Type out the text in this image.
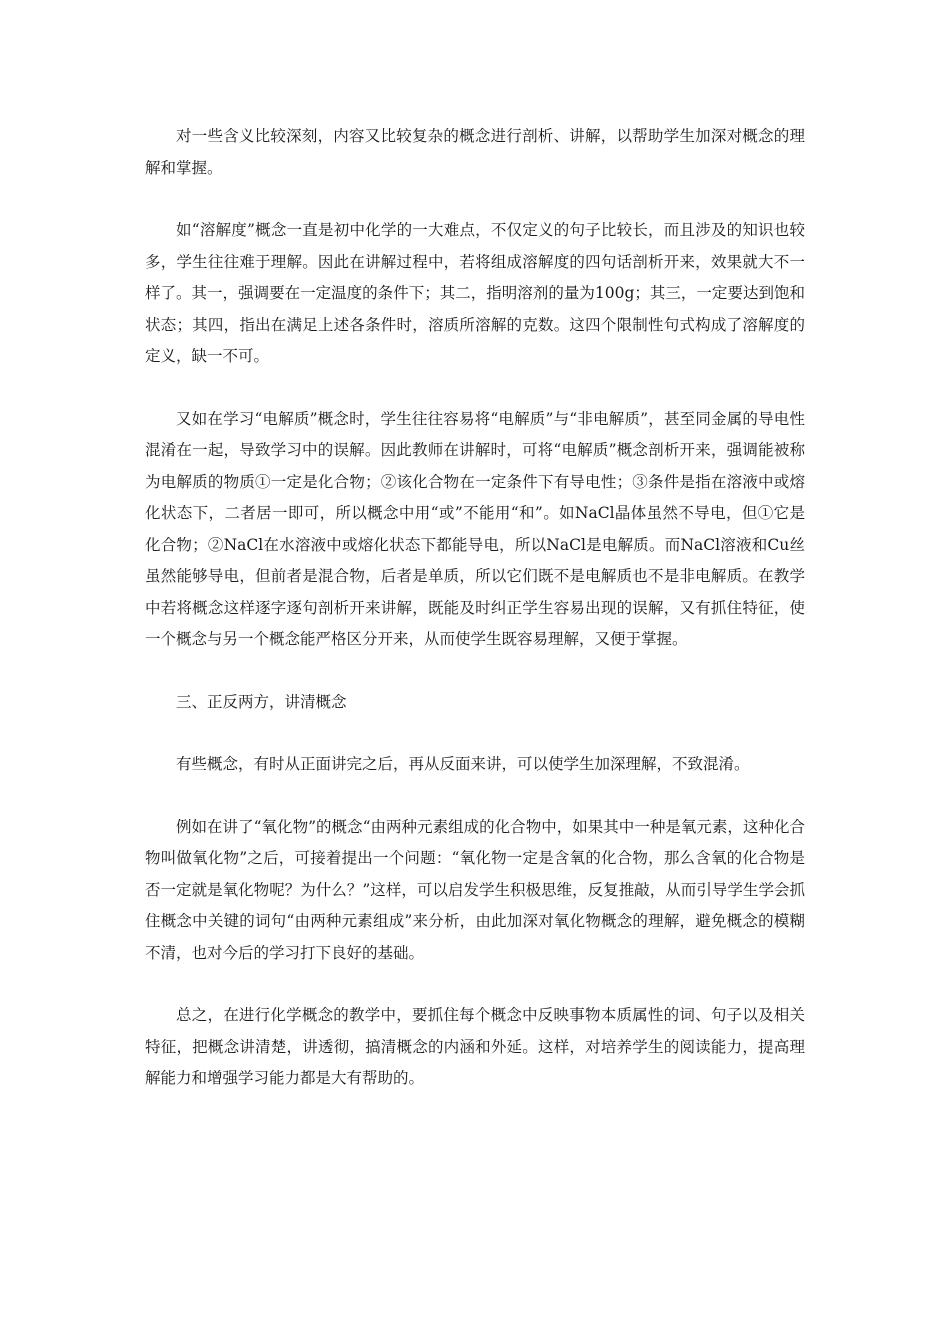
对一些含义比较深刻，内容又比较复杂的概念进行剖析、讲解，以帮助学生加深对概念的理解和掌握。

如“溶解度”概念一直是初中化学的一大难点，不仅定义的句子比较长，而且涉及的知识也较多，学生往往难于理解。因此在讲解过程中，若将组成溶解度的四句话剖析开来，效果就大不一样了。其一，强调要在一定温度的条件下；其二，指明溶剂的量为100g；其三，一定要达到饱和状态；其四，指出在满足上述各条件时，溶质所溶解的克数。这四个限制性句式构成了溶解度的定义，缺一不可。

又如在学习“电解质”概念时，学生往往容易将“电解质”与“非电解质”，甚至同金属的导电性混淆在一起，导致学习中的误解。因此教师在讲解时，可将“电解质”概念剖析开来，强调能被称为电解质的物质①一定是化合物；②该化合物在一定条件下有导电性；③条件是指在溶液中或熔化状态下，二者居一即可，所以概念中用“或”不能用“和”。如NaCl晶体虽然不导电，但①它是化合物；②NaCl在水溶液中或熔化状态下都能导电，所以NaCl是电解质。而NaCl溶液和Cu丝虽然能够导电，但前者是混合物，后者是单质，所以它们既不是电解质也不是非电解质。在教学中若将概念这样逐字逐句剖析开来讲解，既能及时纠正学生容易出现的误解，又有抓住特征，使一个概念与另一个概念能严格区分开来，从而使学生既容易理解，又便于掌握。

三、正反两方，讲清概念

有些概念，有时从正面讲完之后，再从反面来讲，可以使学生加深理解，不致混淆。

例如在讲了“氧化物”的概念“由两种元素组成的化合物中，如果其中一种是氧元素，这种化合物叫做氧化物”之后，可接着提出一个问题：“氧化物一定是含氧的化合物，那么含氧的化合物是否一定就是氧化物呢？为什么？”这样，可以启发学生积极思维，反复推敲，从而引导学生学会抓住概念中关键的词句“由两种元素组成”来分析，由此加深对氧化物概念的理解，避免概念的模糊不清，也对今后的学习打下良好的基础。

总之，在进行化学概念的教学中，要抓住每个概念中反映事物本质属性的词、句子以及相关特征，把概念讲清楚，讲透彻，搞清概念的内涵和外延。这样，对培养学生的阅读能力，提高理解能力和增强学习能力都是大有帮助的。
